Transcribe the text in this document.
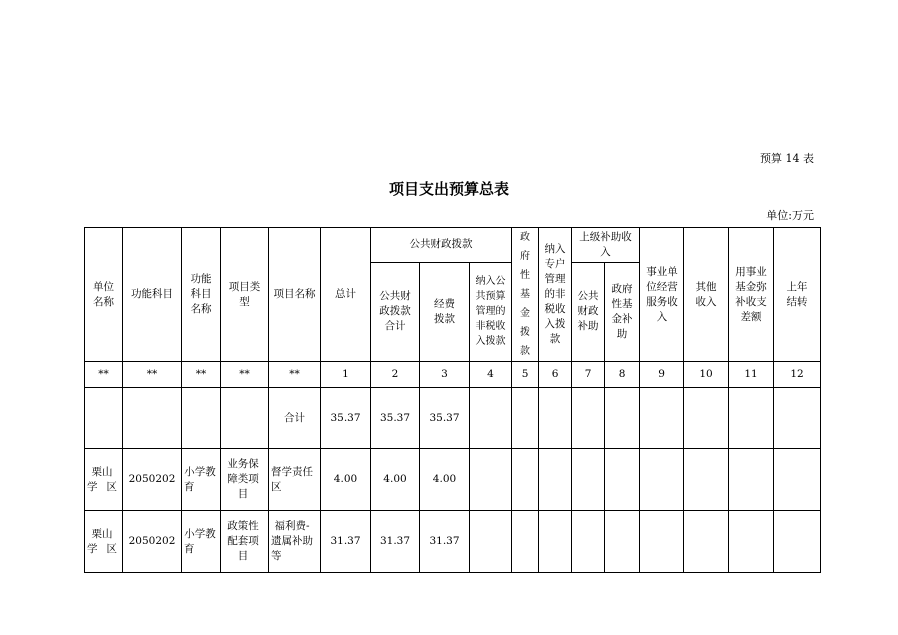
预算 14 表
项目支出预算总表
单位:万元
单位名称	功能科目	功能科目名称	项目类型	项目名称	总计	公共财政拨款			政府性基金拨款	纳入专户管理的非税收入拨款	上级补助收入		事业单位经营服务收入	其他收入	用事业基金弥补收支差额	上年结转

						公共财政拨款合计	经费拨款	纳入公共预算管理的非税收入拨款			公共财政补助	政府性基金补助				

**	**	**	**	**	1	2	3	4	5	6	7	8	9	10	11	12
				合计	35.37	35.37	35.37									

栗山学区	2050202	小学教育	业务保障类项目	督学责任区	4.00	4.00	4.00									

栗山学区	2050202	小学教育	政策性配套项目	福利费-遗属补助等	31.37	31.37	31.37									
